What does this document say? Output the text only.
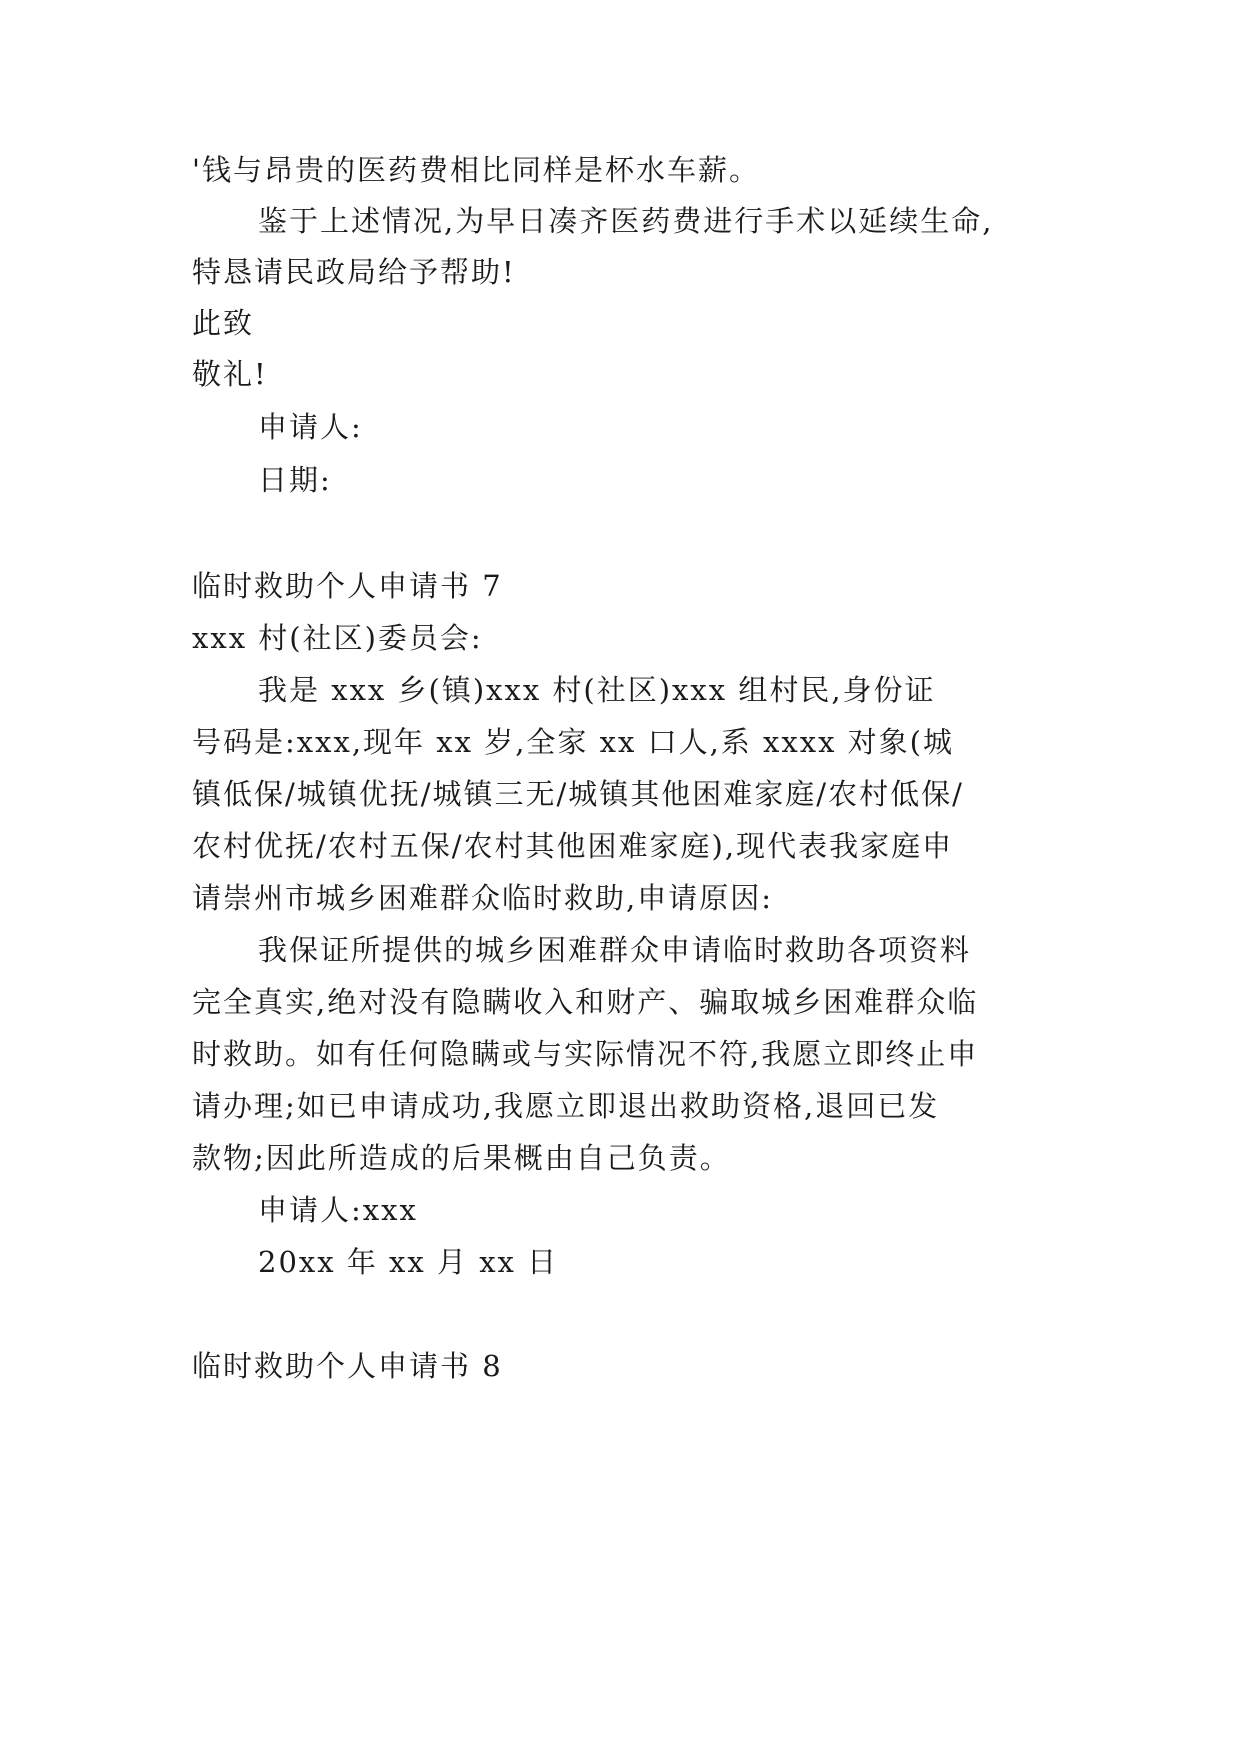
'钱与昂贵的医药费相比同样是杯水车薪。
鉴于上述情况,为早日凑齐医药费进行手术以延续生命,
特恳请民政局给予帮助!
此致
敬礼!
申请人:
日期:
临时救助个人申请书 7
xxx 村(社区)委员会:
我是 xxx 乡(镇)xxx 村(社区)xxx 组村民,身份证
号码是:xxx,现年 xx 岁,全家 xx 口人,系 xxxx 对象(城
镇低保/城镇优抚/城镇三无/城镇其他困难家庭/农村低保/
农村优抚/农村五保/农村其他困难家庭),现代表我家庭申
请崇州市城乡困难群众临时救助,申请原因:
我保证所提供的城乡困难群众申请临时救助各项资料
完全真实,绝对没有隐瞒收入和财产、骗取城乡困难群众临
时救助。如有任何隐瞒或与实际情况不符,我愿立即终止申
请办理;如已申请成功,我愿立即退出救助资格,退回已发
款物;因此所造成的后果概由自己负责。
申请人:xxx
20xx 年 xx 月 xx 日
临时救助个人申请书 8
